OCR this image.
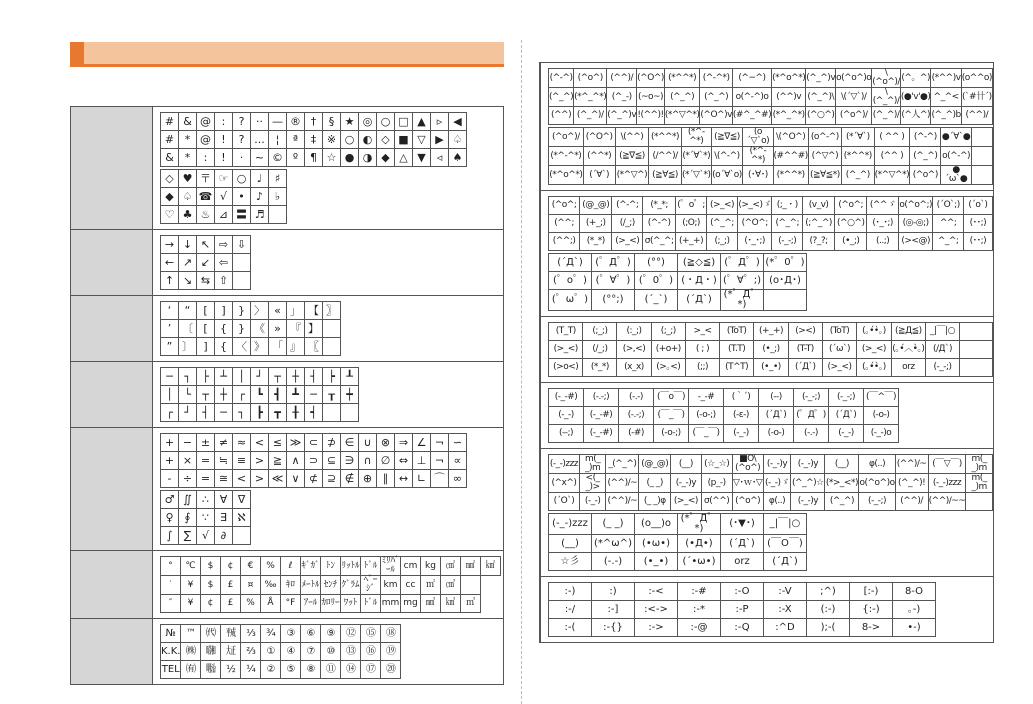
#	&	@	:	?	··	—	®	†	§	★	◎	○	□	▲	▹	◀
#	*	@	!	?	...	¦	ª	‡	※	○	◐	◇	■	▽	▶	♤
&	*	:	!	·	~	©	º	¶	☆	●	◑	◆	△	▼	◃	♠
◇	♥	〒	☞	○	♩	♯
◆	♤	☎	√	•	♪	♭
♡	♣	♨	⊿	〓	♬	

→	↓	↖	⇨	⇩
←	↗	↙	⇦	
↑	↘	⇆	⇧	

‘	“	[	]	}	〉	«	」	【	〗
’	〔	[	{	}	《	»	『	】	
”	〕	]	{	〈	》	「	』	〖	

─	┐	├	┴	│	┘	┬	┼	┤	┝	┸
│	└	┬	┼	┌	┗	┫	┻	─	┰	┿
┌	┘	┤	─	┐	┣	┳	╂	┥		

+	−	±	≠	≈	<	≤	≫	⊂	⊅	∈	∪	⊗	⇒	∠	¬	∽
+	×	=	≒	≡	>	≧	∧	⊃	⊆	∋	∩	∅	⇔	⊥	¬	∝
-	÷	=	≅	<	>	≪	∨	⊄	⊇	∉	⊕	∥	↔	∟	⌒	∞
♂	∬	∴	∀	∇
♀	∮	∵	∃	ℵ
∫	∑	√	∂	

°	℃	$	¢	€	%	ℓ	ｷﾞｶﾞ	ﾄﾝ	ﾘｯﾄﾙ	ﾄﾞﾙ	ﾐﾘﾊﾞｰﾙ	cm	kg	㎠	㎟	㎢
′	¥	$	£	¤	‰	ｷﾛ	ﾒｰﾄﾙ	ｾﾝﾁ	ｸﾞﾗﾑ	ﾍﾟｰｼﾞ	km	cc	㎡	㎤	
″	¥	¢	£	%	Å	°F	ｱｰﾙ	ｶﾛﾘｰ	ﾜｯﾄ	ﾄﾞﾙ	mm	mg	㎣	㎦	㎥

№	™	㈹	㍻	⅓	¾	③	⑥	⑨	⑫	⑮	⑱
K.K.	㈱	㍼	㍽	⅔	①	④	⑦	⑩	⑬	⑯	⑲
TEL	㈲	㍾	½	¼	②	⑤	⑧	⑪	⑭	⑰	⑳

(^-^)	(^o^)	(^^)/	(^O^)	(*^^*)	(^-^*)	(^−^)	(*^o^*)	(^_^)v	o(^o^)o	\(^o^)/	(^。^)	(*^^)v	(o^^o)
(^_^)	(*^_^*)	(^_-)	(~o~)	(^_^)	(^_^)	o(^-^)o	(^^)v	(^_^)\	\(´▽`)/	\(^_^)/	(●'v'●)	^_^<	(`#卄´)
(^^)	(^_^)/	(^_^)v	!(^^)!	(*^▽^*)	(^O^)v	(#^_^#)	(*^_^*)	(^○^)	(^o^)/	(^_^)/	(^人^)	(^_^)b	(^^)/
(^o^)/	(^O^)	\(^^)	(*^^*)	(*^-^*)	(≧∇≦)	(o´▽`o)	\(^O^)	(o^-^)	(*´∀`)	( ^^ )	(^-^)	●´∀`●	
(*^-^*)	(^^*)	(≧∇≦)	(/^^)/	(*´∀`*)	\(^-^)	(*^-^*)	(#^^#)	(^▽^)	(*^^*)	(^^ )	(^_^)	o(^-^)	
(*^o^*)	(´∀`)	(*^▽^)	(≧∀≦)	(*´▽`*)	(o´∀`o)	(･∀･)	(*^^*)	(≧∀≦*)	(^_^)	(*^▽^*)	(^o^)	●´ω`●	

(^o^;	(@_@)	(^-^;	(*_*;	(゜o゜;	(>_<)	(>_<)ゞ	(;_・)	(v_v)	(^o^;	(^^ゞ	o(^o^;)	(´O`;)	(´o`)
(^^;	(+_;)	(/_;)	(^-^)	(;O;)	(^_^;	(^O^;	(^_^;	(;^_^)	(^○^)	(･_･;)	(◎-◎;)	^^;	(･･;)
(^^;)	(*_*)	(>_<)	σ(^_^;	(+_+)	(;_;)	(･_･;)	(-_-;)	(?_?;	(•_;)	(..;)	(><@)	^_^;	(･･;)
(´Д`)	(゜Д゜)	(°°)	(≧◇≦)	(゜Д゜)	(*゜0゜)
(゜o゜)	(゜∀゜)	(゜0゜)	(・Д・)	(゜∀゜;)	(o･Д･)
(゜ω゜)	(°°;)	(´_`)	(´Д`)	(*゜Д゜*)	

(T_T)	(;_;)	(:_;)	(;_;)	>_<	(ToT)	(+_+)	(><)	(ToT)	(｡•́•̀｡)	(≧Д≦)	_|￣|○	
(>_<)	(/_;)	(>,<)	(+o+)	( ; )	(T.T)	(•_;)	(T-T)	(´ω`)	(>_<)	(｡•́︿•̀｡)	(/Д`)	
(>o<)	(*_*)	(x_x)	(>｡<)	(;;)	(T^T)	(•_•)	(´Д`)	(>_<)	(｡•́•̀｡)	orz	(-_-;)	

(-_-#)	(-.-;)	(-.-)	(￣o￣)	-_-#	(｀´)	(--)	(-_-;)	(-_-;)	(￣^￣)
(-_-)	(-_-#)	(-.-;)	(￣_￣)	(-o-;)	(-ε-)	(´Д`)	(゜Д゜)	(´Д`)	(-o-)
(--;)	(-_-#)	(-#)	(-o-;)	(￣_￣)	(‐_‐)	(-o-)	(-.-)	(-_-)	(-_-)o

(-_-)zzz	m(_ _)m	_(^_^)	(@_@)	(__)	(☆_☆)	■O\(^o^)	(-_-)y	(-_-)y	(__)	φ(..)	(^^)/~	(￣▽￣)	m(_ _)m
(^x^)	<(_ _)>	(^^)/~	(_ _)	(-_-)y	(p_-)	▽･ｗ･▽	(-_-)ゞ	(^_^)☆	(*>_<*)	o(^o^)o	(^_^)!	(-_-)zzz	m(_ _)m
(´O`)	(-_-)	(^^)/~	(_ _)φ	(>_<)	σ(^^)	(^o^)	φ(..)	(-_-)y	(^_^)	(-_-;)	(^^)/	(^^)/~~	
(-_-)zzz	(_ _)	(o__)o	(*゜Д゜*)	(･▼･)	_|￣|○
(__)	(*^ω^)	(•ω•)	(•Д•)	(´Д`)	(￣O￣)
☆彡	(-.-)	(•_•)	(´•ω•)	orz	(´Д`)

:-)	:)	:-<	:-#	:-O	:-V	;^)	[:-)	8-O
:-/	:-]	:<->	:-*	:-P	:-X	(:-)	{:-)	｡-)
:-(	:-{}	:->	:-@	:-Q	:^D	);-(	8->	•-)
